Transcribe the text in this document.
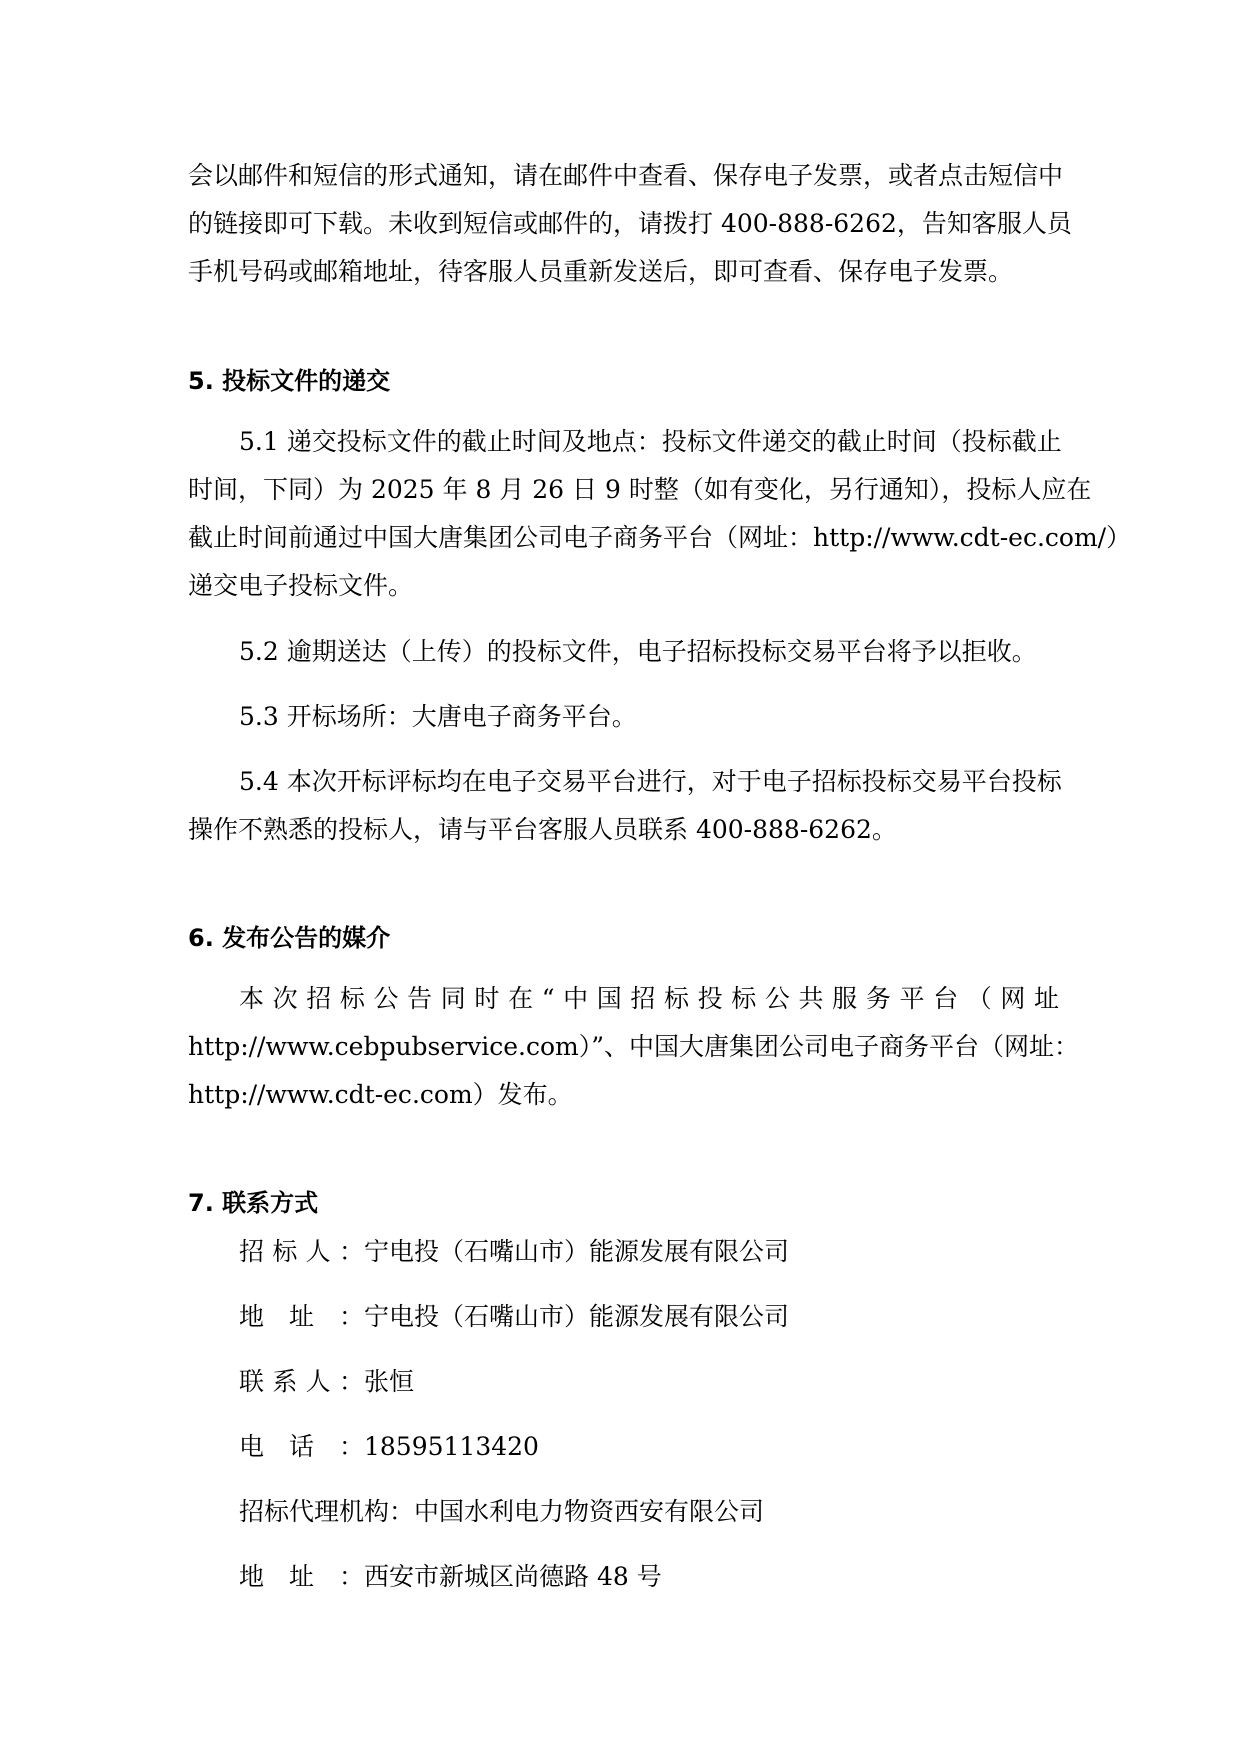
会以邮件和短信的形式通知，请在邮件中查看、保存电子发票，或者点击短信中
的链接即可下载。未收到短信或邮件的，请拨打 400-888-6262，告知客服人员
手机号码或邮箱地址，待客服人员重新发送后，即可查看、保存电子发票。
5. 投标文件的递交
5.1 递交投标文件的截止时间及地点：投标文件递交的截止时间（投标截止
时间，下同）为 2025 年 8 月 26 日 9 时整（如有变化，另行通知），投标人应在
截止时间前通过中国大唐集团公司电子商务平台（网址：http://www.cdt-ec.com/）
递交电子投标文件。
5.2 逾期送达（上传）的投标文件，电子招标投标交易平台将予以拒收。
5.3 开标场所：大唐电子商务平台。
5.4 本次开标评标均在电子交易平台进行，对于电子招标投标交易平台投标
操作不熟悉的投标人，请与平台客服人员联系 400-888-6262。
6. 发布公告的媒介
本次招标公告同时在“中国招标投标公共服务平台（网址
http://www.cebpubservice.com）”、中国大唐集团公司电子商务平台（网址：
http://www.cdt-ec.com）发布。
7. 联系方式
招标人：宁电投（石嘴山市）能源发展有限公司
地址：宁电投（石嘴山市）能源发展有限公司
联系人：张恒
电话：18595113420
招标代理机构：中国水利电力物资西安有限公司
地址：西安市新城区尚德路 48 号
